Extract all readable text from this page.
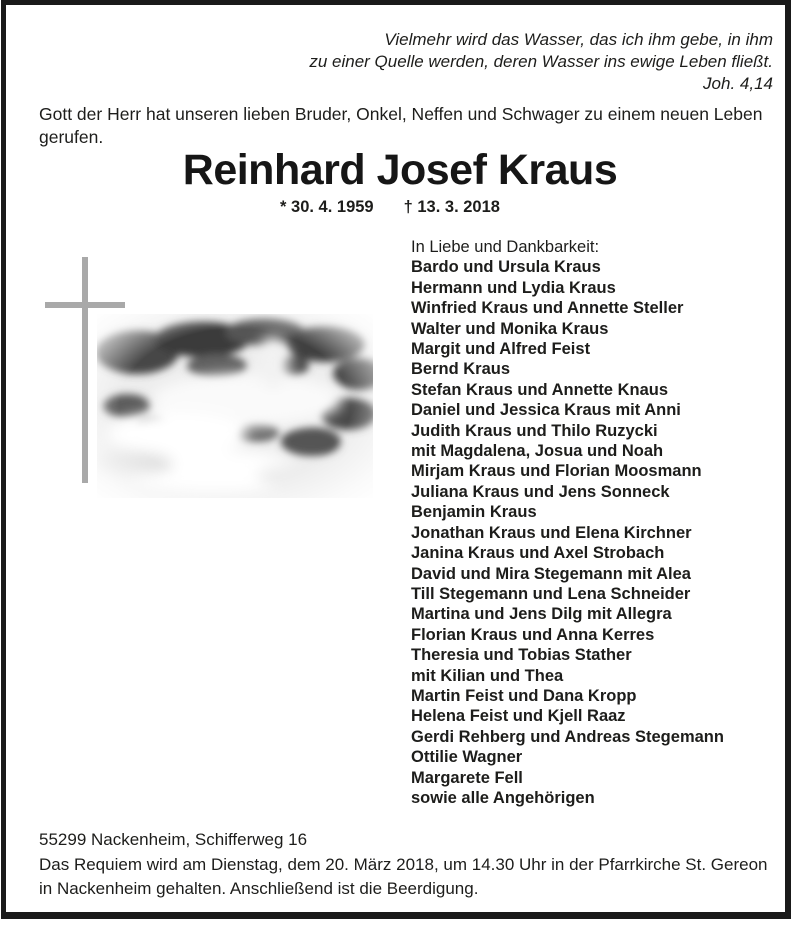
Vielmehr wird das Wasser, das ich ihm gebe, in ihm
zu einer Quelle werden, deren Wasser ins ewige Leben fließt.
Joh. 4,14
Gott der Herr hat unseren lieben Bruder, Onkel, Neffen und Schwager zu einem neuen Leben
gerufen.
Reinhard Josef Kraus
* 30. 4. 1959 † 13. 3. 2018
In Liebe und Dankbarkeit:
Bardo und Ursula Kraus
Hermann und Lydia Kraus
Winfried Kraus und Annette Steller
Walter und Monika Kraus
Margit und Alfred Feist
Bernd Kraus
Stefan Kraus und Annette Knaus
Daniel und Jessica Kraus mit Anni
Judith Kraus und Thilo Ruzycki
mit Magdalena, Josua und Noah
Mirjam Kraus und Florian Moosmann
Juliana Kraus und Jens Sonneck
Benjamin Kraus
Jonathan Kraus und Elena Kirchner
Janina Kraus und Axel Strobach
David und Mira Stegemann mit Alea
Till Stegemann und Lena Schneider
Martina und Jens Dilg mit Allegra
Florian Kraus und Anna Kerres
Theresia und Tobias Stather
mit Kilian und Thea
Martin Feist und Dana Kropp
Helena Feist und Kjell Raaz
Gerdi Rehberg und Andreas Stegemann
Ottilie Wagner
Margarete Fell
sowie alle Angehörigen
55299 Nackenheim, Schifferweg 16
Das Requiem wird am Dienstag, dem 20. März 2018, um 14.30 Uhr in der Pfarrkirche St. Gereon
in Nackenheim gehalten. Anschließend ist die Beerdigung.
